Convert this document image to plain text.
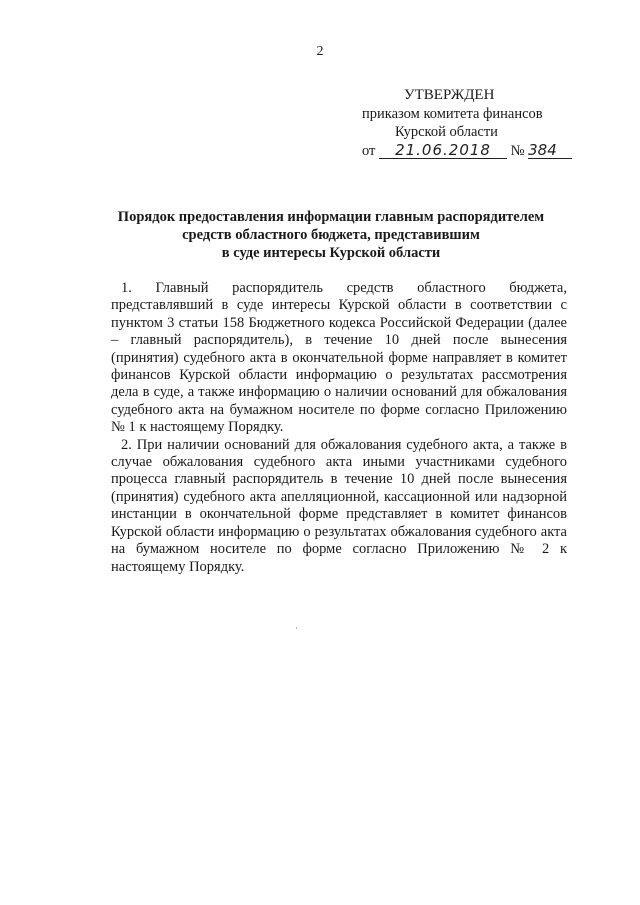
2
УТВЕРЖДЕН
приказом комитета финансов
Курской области
от 21.06.2018 № 384
Порядок предоставления информации главным распорядителем
средств областного бюджета, представившим
в суде интересы Курской области

1. Главный распорядитель средств областного бюджета,
представлявший в суде интересы Курской области в соответствии с пунктом 3 статьи 158 Бюджетного кодекса Российской Федерации (далее – главный распорядитель), в течение 10 дней после вынесения (принятия) судебного акта в окончательной форме направляет в комитет финансов Курской области информацию о результатах рассмотрения дела в суде, а также информацию о наличии оснований для обжалования судебного акта на бумажном носителе по форме согласно Приложению № 1 к настоящему Порядку.

2. При наличии оснований для обжалования судебного акта, а также в случае обжалования судебного акта иными участниками судебного процесса главный распорядитель в течение 10 дней после вынесения (принятия) судебного акта апелляционной, кассационной или надзорной инстанции в окончательной форме представляет в комитет финансов Курской области информацию о результатах обжалования судебного акта на бумажном носителе по форме согласно Приложению № 2 к настоящему Порядку.
